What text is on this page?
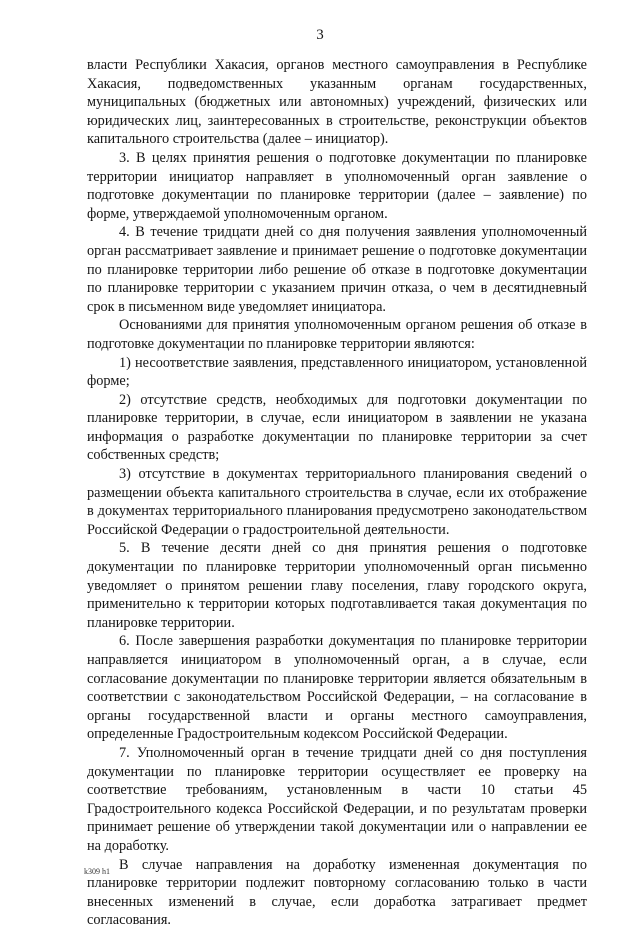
3

власти Республики Хакасия, органов местного самоуправления в Республике Хакасия, подведомственных указанным органам государственных, муниципальных (бюджетных или автономных) учреждений, физических или юридических лиц, заинтересованных в строительстве, реконструкции объектов капитального строительства (далее – инициатор).

3. В целях принятия решения о подготовке документации по планировке территории инициатор направляет в уполномоченный орган заявление о подготовке документации по планировке территории (далее – заявление) по форме, утверждаемой уполномоченным органом.

4. В течение тридцати дней со дня получения заявления уполномоченный орган рассматривает заявление и принимает решение о подготовке документации по планировке территории либо решение об отказе в подготовке документации по планировке территории с указанием причин отказа, о чем в десятидневный срок в письменном виде уведомляет инициатора.

Основаниями для принятия уполномоченным органом решения об отказе в подготовке документации по планировке территории являются:

1) несоответствие заявления, представленного инициатором, установленной форме;

2) отсутствие средств, необходимых для подготовки документации по планировке территории, в случае, если инициатором в заявлении не указана информация о разработке документации по планировке территории за счет собственных средств;

3) отсутствие в документах территориального планирования сведений о размещении объекта капитального строительства в случае, если их отображение в документах территориального планирования предусмотрено законодательством Российской Федерации о градостроительной деятельности.

5. В течение десяти дней со дня принятия решения о подготовке документации по планировке территории уполномоченный орган письменно уведомляет о принятом решении главу поселения, главу городского округа, применительно к территории которых подготавливается такая документация по планировке территории.

6. После завершения разработки документация по планировке территории направляется инициатором в уполномоченный орган, а в случае, если согласование документации по планировке территории является обязательным в соответствии с законодательством Российской Федерации, – на согласование в органы государственной власти и органы местного самоуправления, определенные Градостроительным кодексом Российской Федерации.

7. Уполномоченный орган в течение тридцати дней со дня поступления документации по планировке территории осуществляет ее проверку на соответствие требованиям, установленным в части 10 статьи 45 Градостроительного кодекса Российской Федерации, и по результатам проверки принимает решение об утверждении такой документации или о направлении ее на доработку.

В случае направления на доработку измененная документация по планировке территории подлежит повторному согласованию только в части внесенных изменений в случае, если доработка затрагивает предмет согласования.

k309 h1
